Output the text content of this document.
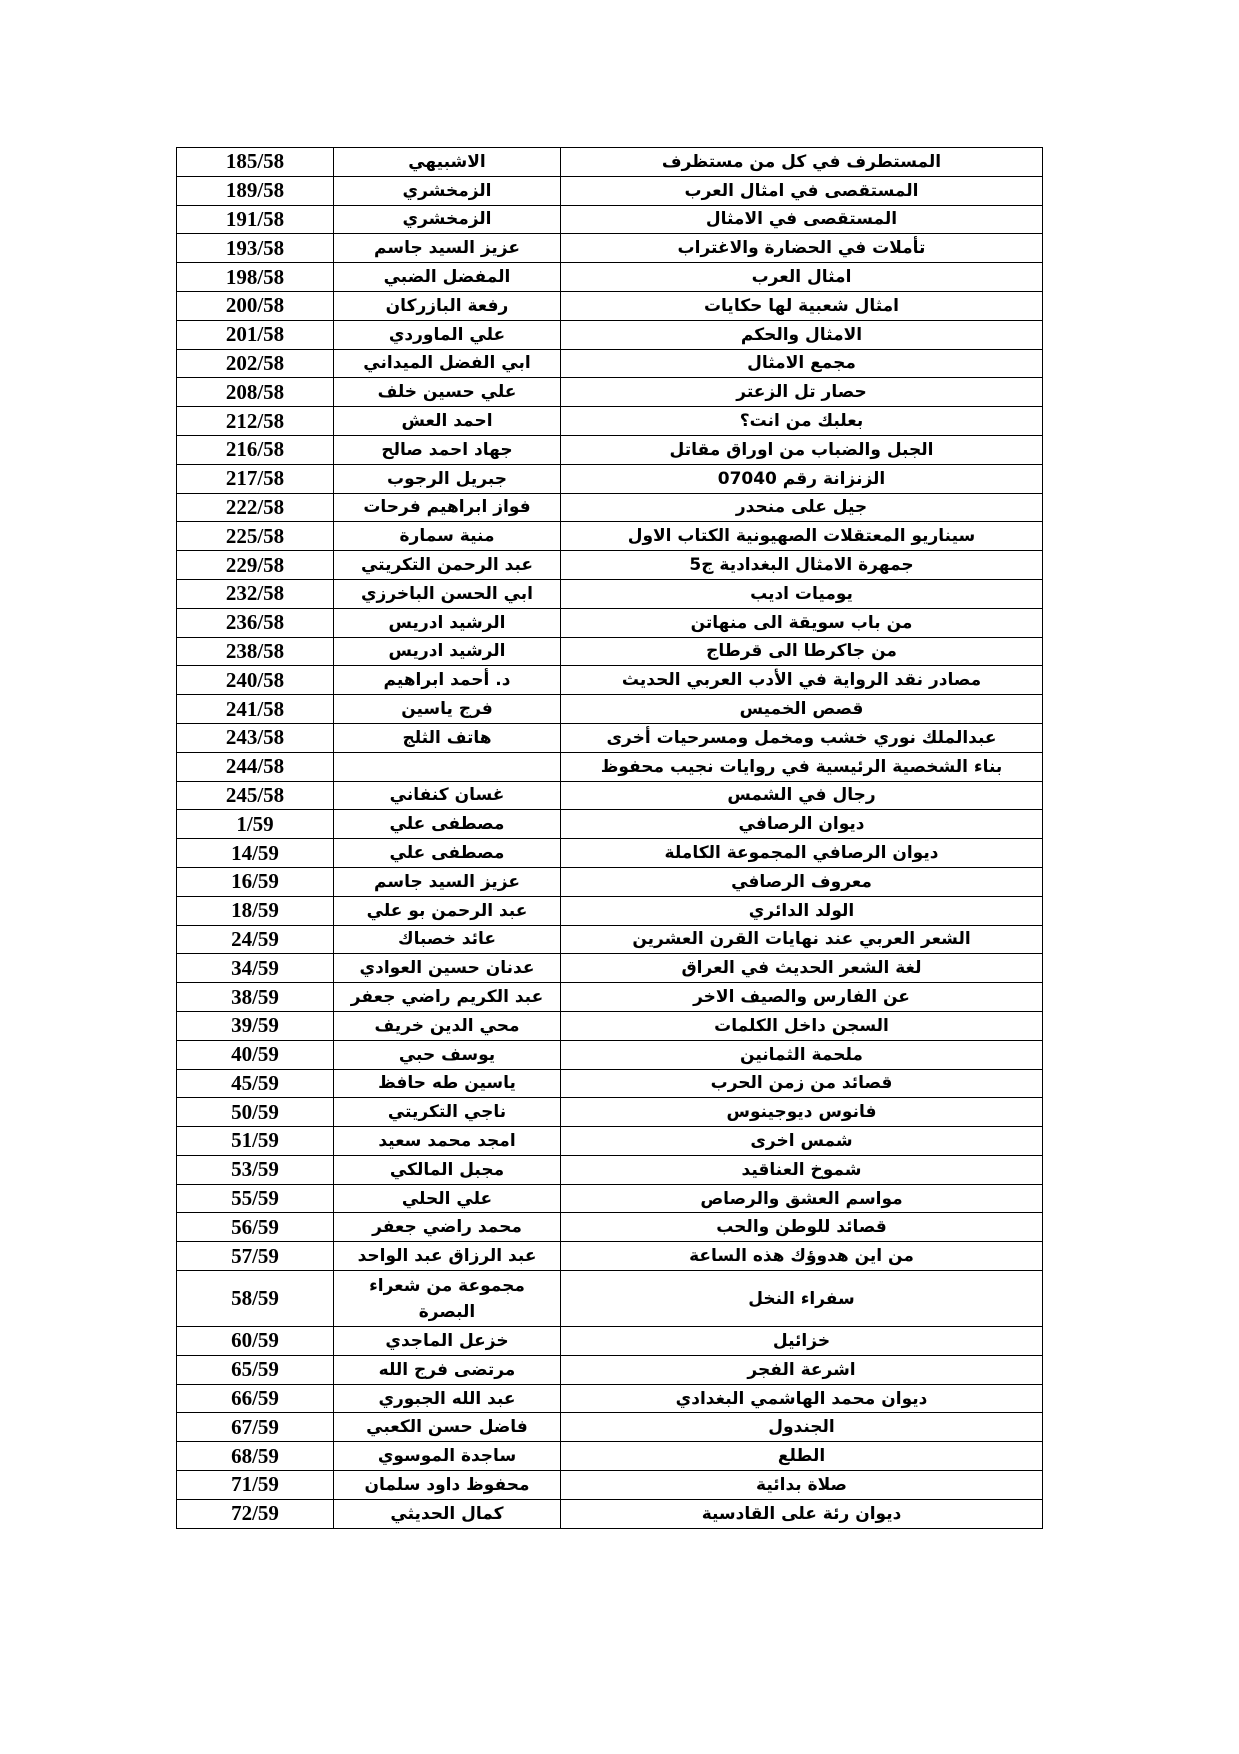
185/58	الاشبيهي	المستطرف في كل من مستظرف
189/58	الزمخشري	المستقصى في امثال العرب
191/58	الزمخشري	المستقصى في الامثال
193/58	عزيز السيد جاسم	تأملات في الحضارة والاغتراب
198/58	المفضل الضبي	امثال العرب
200/58	رفعة البازركان	امثال شعبية لها حكايات
201/58	علي الماوردي	الامثال والحكم
202/58	ابي الفضل الميداني	مجمع الامثال
208/58	علي حسين خلف	حصار تل الزعتر
212/58	احمد العش	بعلبك من انت؟
216/58	جهاد احمد صالح	الجبل والضباب من اوراق مقاتل
217/58	جبريل الرجوب	الزنزانة رقم 07040
222/58	فواز ابراهيم فرحات	جيل على منحدر
225/58	منية سمارة	سيناريو المعتقلات الصهيونية الكتاب الاول
229/58	عبد الرحمن التكريتي	جمهرة الامثال البغدادية ج5
232/58	ابي الحسن الباخرزي	يوميات اديب
236/58	الرشيد ادريس	من باب سويقة الى منهاتن
238/58	الرشيد ادريس	من جاكرطا الى قرطاج
240/58	د. أحمد ابراهيم	مصادر نقد الرواية في الأدب العربي الحديث
241/58	فرج ياسين	قصص الخميس
243/58	هاتف الثلج	عبدالملك نوري خشب ومخمل ومسرحيات أخرى
244/58		بناء الشخصية الرئيسية في روايات نجيب محفوظ
245/58	غسان كنفاني	رجال في الشمس
1/59	مصطفى علي	ديوان الرصافي
14/59	مصطفى علي	ديوان الرصافي المجموعة الكاملة
16/59	عزيز السيد جاسم	معروف الرصافي
18/59	عبد الرحمن بو علي	الولد الدائري
24/59	عائد خصباك	الشعر العربي عند نهايات القرن العشرين
34/59	عدنان حسين العوادي	لغة الشعر الحديث في العراق
38/59	عبد الكريم راضي جعفر	عن الفارس والصيف الاخر
39/59	محي الدين خريف	السجن داخل الكلمات
40/59	يوسف حبي	ملحمة الثمانين
45/59	ياسين طه حافظ	قصائد من زمن الحرب
50/59	ناجي التكريتي	فانوس ديوجينوس
51/59	امجد محمد سعيد	شمس اخرى
53/59	مجبل المالكي	شموخ العناقيد
55/59	علي الحلي	مواسم العشق والرصاص
56/59	محمد راضي جعفر	قصائد للوطن والحب
57/59	عبد الرزاق عبد الواحد	من اين هدوؤك هذه الساعة
58/59	مجموعة من شعراء البصرة	سفراء النخل
60/59	خزعل الماجدي	خزائيل
65/59	مرتضى فرج الله	اشرعة الفجر
66/59	عبد الله الجبوري	ديوان محمد الهاشمي البغدادي
67/59	فاضل حسن الكعبي	الجندول
68/59	ساجدة الموسوي	الطلع
71/59	محفوظ داود سلمان	صلاة بدائية
72/59	كمال الحديثي	ديوان رئة على القادسية
